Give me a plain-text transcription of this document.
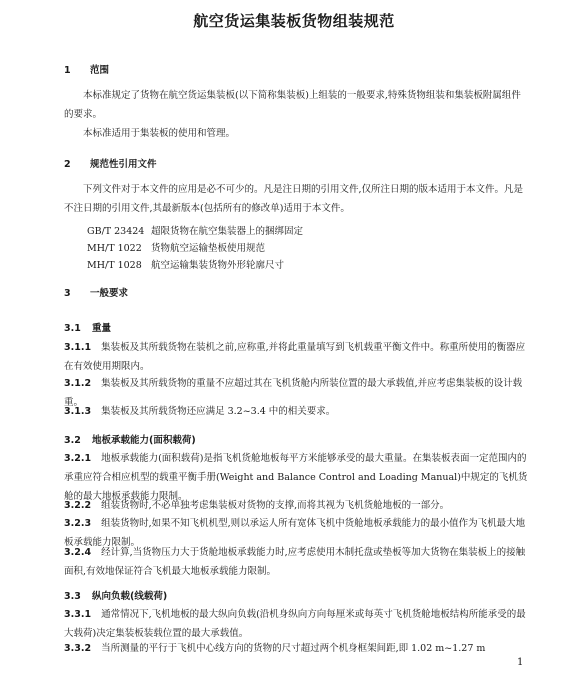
航空货运集装板货物组装规范
1 范围
本标准规定了货物在航空货运集装板(以下简称集装板)上组装的一般要求,特殊货物组装和集装板附属组件的要求。
本标准适用于集装板的使用和管理。
2 规范性引用文件
下列文件对于本文件的应用是必不可少的。凡是注日期的引用文件,仅所注日期的版本适用于本文件。凡是不注日期的引用文件,其最新版本(包括所有的修改单)适用于本文件。
GB/T 23424 超限货物在航空集装器上的捆绑固定
MH/T 1022 货物航空运输垫板使用规范
MH/T 1028 航空运输集装货物外形轮廓尺寸
3 一般要求
3.1 重量
3.1.1 集装板及其所载货物在装机之前,应称重,并将此重量填写到飞机载重平衡文件中。称重所使用的衡器应在有效使用期限内。
3.1.2 集装板及其所载货物的重量不应超过其在飞机货舱内所装位置的最大承载值,并应考虑集装板的设计载重。
3.1.3 集装板及其所载货物还应满足 3.2~3.4 中的相关要求。
3.2 地板承载能力(面积载荷)
3.2.1 地板承载能力(面积载荷)是指飞机货舱地板每平方米能够承受的最大重量。在集装板表面一定范围内的承重应符合相应机型的载重平衡手册(Weight and Balance Control and Loading Manual)中规定的飞机货舱的最大地板承载能力限制。
3.2.2 组装货物时,不必单独考虑集装板对货物的支撑,而将其视为飞机货舱地板的一部分。
3.2.3 组装货物时,如果不知飞机机型,则以承运人所有宽体飞机中货舱地板承载能力的最小值作为飞机最大地板承载能力限制。
3.2.4 经计算,当货物压力大于货舱地板承载能力时,应考虑使用木制托盘或垫板等加大货物在集装板上的接触面积,有效地保证符合飞机最大地板承载能力限制。
3.3 纵向负载(线载荷)
3.3.1 通常情况下,飞机地板的最大纵向负载(沿机身纵向方向每厘米或每英寸飞机货舱地板结构所能承受的最大载荷)决定集装板装载位置的最大承载值。
3.3.2 当所测量的平行于飞机中心线方向的货物的尺寸超过两个机身框架间距,即 1.02 m~1.27 m
1
